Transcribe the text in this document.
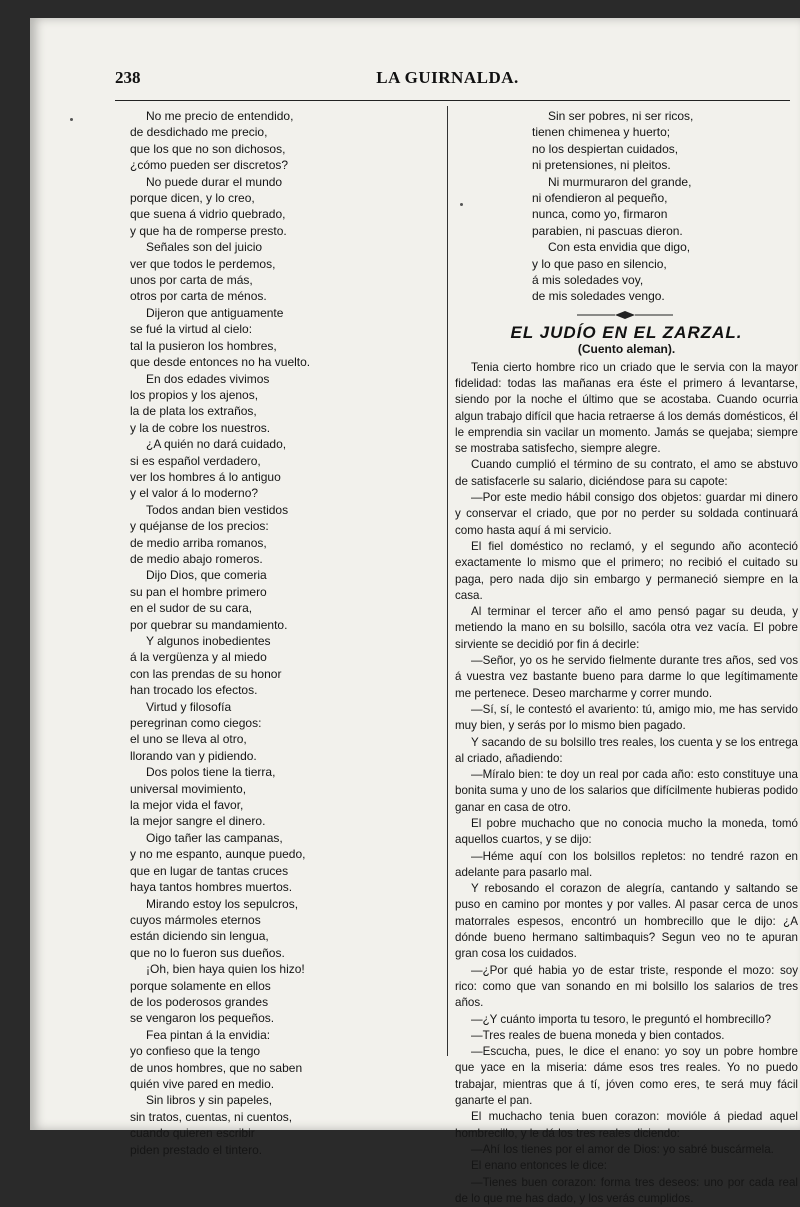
238	LA GUIRNALDA.
No me precio de entendido,
de desdichado me precio,
que los que no son dichosos,
¿cómo pueden ser discretos?
No puede durar el mundo
porque dicen, y lo creo,
que suena á vidrio quebrado,
y que ha de romperse presto.
Señales son del juicio
ver que todos le perdemos,
unos por carta de más,
otros por carta de ménos.
Dijeron que antiguamente
se fué la virtud al cielo:
tal la pusieron los hombres,
que desde entonces no ha vuelto.
En dos edades vivimos
los propios y los ajenos,
la de plata los extraños,
y la de cobre los nuestros.
¿A quién no dará cuidado,
si es español verdadero,
ver los hombres á lo antiguo
y el valor á lo moderno?
Todos andan bien vestidos
y quéjanse de los precios:
de medio arriba romanos,
de medio abajo romeros.
Dijo Dios, que comeria
su pan el hombre primero
en el sudor de su cara,
por quebrar su mandamiento.
Y algunos inobedientes
á la vergüenza y al miedo
con las prendas de su honor
han trocado los efectos.
Virtud y filosofía
peregrinan como ciegos:
el uno se lleva al otro,
llorando van y pidiendo.
Dos polos tiene la tierra,
universal movimiento,
la mejor vida el favor,
la mejor sangre el dinero.
Oigo tañer las campanas,
y no me espanto, aunque puedo,
que en lugar de tantas cruces
haya tantos hombres muertos.
Mirando estoy los sepulcros,
cuyos mármoles eternos
están diciendo sin lengua,
que no lo fueron sus dueños.
¡Oh, bien haya quien los hizo!
porque solamente en ellos
de los poderosos grandes
se vengaron los pequeños.
Fea pintan á la envidia:
yo confieso que la tengo
de unos hombres, que no saben
quién vive pared en medio.
Sin libros y sin papeles,
sin tratos, cuentas, ni cuentos,
cuando quieren escribir
piden prestado el tintero.
Sin ser pobres, ni ser ricos,
tienen chimenea y huerto;
no los despiertan cuidados,
ni pretensiones, ni pleitos.
Ni murmuraron del grande,
ni ofendieron al pequeño,
nunca, como yo, firmaron
parabien, ni pascuas dieron.
Con esta envidia que digo,
y lo que paso en silencio,
á mis soledades voy,
de mis soledades vengo.
EL JUDÍO EN EL ZARZAL.
(Cuento aleman).

Tenia cierto hombre rico un criado que le servia con la mayor fidelidad: todas las mañanas era éste el primero á levantarse, siendo por la noche el último que se acostaba. Cuando ocurria algun trabajo difícil que hacia retraerse á los demás domésticos, él le emprendia sin vacilar un momento. Jamás se quejaba; siempre se mostraba satisfecho, siempre alegre.

Cuando cumplió el término de su contrato, el amo se abstuvo de satisfacerle su salario, diciéndose para su capote:

—Por este medio hábil consigo dos objetos: guardar mi dinero y conservar el criado, que por no perder su soldada continuará como hasta aquí á mi servicio.

El fiel doméstico no reclamó, y el segundo año aconteció exactamente lo mismo que el primero; no recibió el cuitado su paga, pero nada dijo sin embargo y permaneció siempre en la casa.

Al terminar el tercer año el amo pensó pagar su deuda, y metiendo la mano en su bolsillo, sacóla otra vez vacía. El pobre sirviente se decidió por fin á decirle:

—Señor, yo os he servido fielmente durante tres años, sed vos á vuestra vez bastante bueno para darme lo que legítimamente me pertenece. Deseo marcharme y correr mundo.

—Sí, sí, le contestó el avariento: tú, amigo mio, me has servido muy bien, y serás por lo mismo bien pagado.

Y sacando de su bolsillo tres reales, los cuenta y se los entrega al criado, añadiendo:

—Míralo bien: te doy un real por cada año: esto constituye una bonita suma y uno de los salarios que difícilmente hubieras podido ganar en casa de otro.

El pobre muchacho que no conocia mucho la moneda, tomó aquellos cuartos, y se dijo:

—Héme aquí con los bolsillos repletos: no tendré razon en adelante para pasarlo mal.

Y rebosando el corazon de alegría, cantando y saltando se puso en camino por montes y por valles. Al pasar cerca de unos matorrales espesos, encontró un hombrecillo que le dijo: ¿A dónde bueno hermano saltimbaquis? Segun veo no te apuran gran cosa los cuidados.

—¿Por qué habia yo de estar triste, responde el mozo: soy rico: como que van sonando en mi bolsillo los salarios de tres años.

—¿Y cuánto importa tu tesoro, le preguntó el hombrecillo?

—Tres reales de buena moneda y bien contados.

—Escucha, pues, le dice el enano: yo soy un pobre hombre que yace en la miseria: dáme esos tres reales. Yo no puedo trabajar, mientras que á tí, jóven como eres, te será muy fácil ganarte el pan.

El muchacho tenia buen corazon: movióle á piedad aquel hombrecillo, y le dá los tres reales diciendo:

—Ahí los tienes por el amor de Dios: yo sabré buscármela.

El enano entonces le dice:

—Tienes buen corazon: forma tres deseos: uno por cada real de lo que me has dado, y los verás cumplidos.
